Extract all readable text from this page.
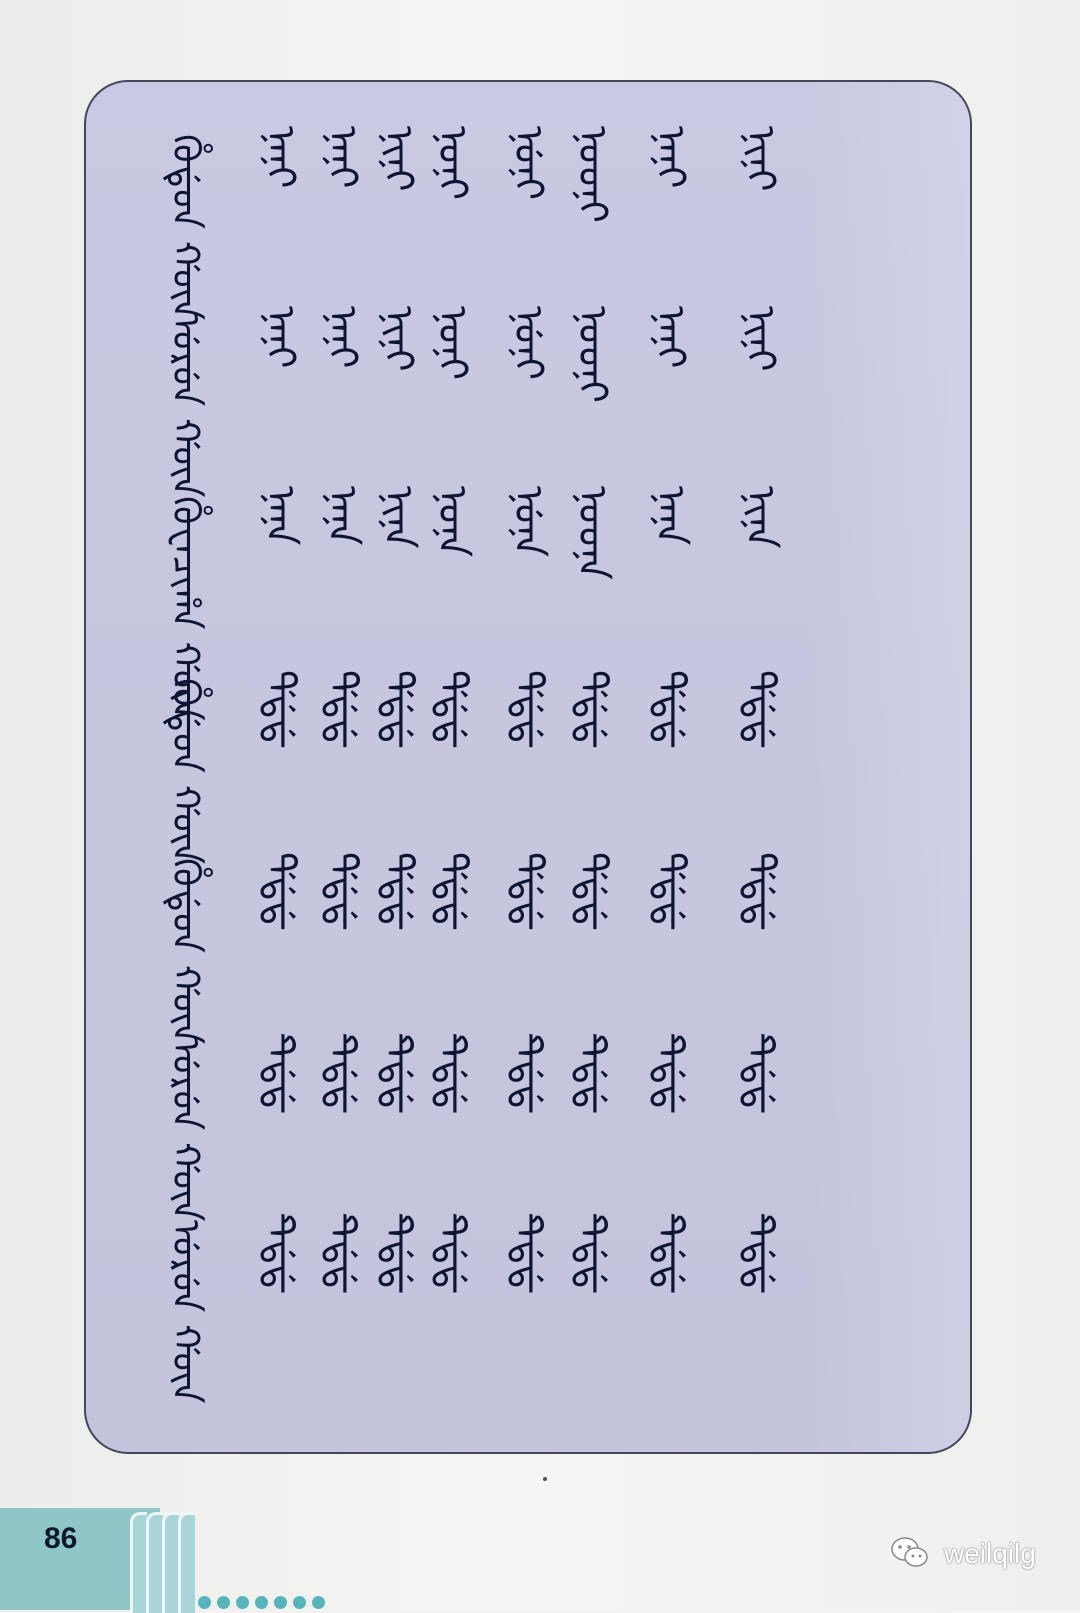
ᡥᡠᡩᡠᠨ ᡤᡡᠨ ᠨᠠᠨᡳ ᠨᠡᠨᡳ ᠨᡳᠨᡳ ᠨᠣᠨᡳ ᠨᡠᠨᡳ ᠨᠣᠣᠨᡳ ᠨᠠᠨᡳ ᠨᡳᠨᡳ
ᡠᡵᡠᠨ ᡤᡡᠨ ᠨᠠᠨᡳ ᠨᠡᠨᡳ ᠨᡳᠨᡳ ᠨᠣᠨᡳ ᠨᡠᠨᡳ ᠨᠣᠣᠨᡳ ᠨᠠᠨᡳ ᠨᡳᠨᡳ
ᡥᡠᠸᠠᠴᡳᡥᠠ ᡤᡡᠨ ᠨᠠᠨᠠ ᠨᠠᠨᠠ ᠨᡳᠨᠠ ᠨᠣᠨᠠ ᠨᡠᠨᠠ ᠨᠣᠣᠨᠠ ᠨᠠᠨᠠ ᠨᡳᠨᠠ
ᡥᡠᡩᡠᠨ ᡤᡡᠨ ᡩᡩᡩ ᡩᡩᡩ ᡩᡩᡩ ᡩᡩᡩ ᡩᡩᡩ ᡩᡩᡩ ᡩᡩᡩ ᡩᡩᡩ
ᡥᡠᡩᡠᠨ ᡤᡡᠨ ᡩᡩᡩ ᡩᡩᡩ ᡩᡩᡩ ᡩᡩᡩ ᡩᡩᡩ ᡩᡩᡩ ᡩᡩᡩ ᡩᡩᡩ
ᡠᡵᡠᠨ ᡤᡡᠨ ᡨᡩᡩ ᡨᡩᡩ ᡨᡩᡩ ᡨᡩᡩ ᡨᡩᡩ ᡨᡩᡩ ᡨᡩᡩ ᡨᡩᡩ
ᡠᡵᡠᠨ ᡤᡡᠨ ᡨᡩᡩ ᡨᡩᡩ ᡨᡩᡩ ᡨᡩᡩ ᡨᡩᡩ ᡨᡩᡩ ᡨᡩᡩ ᡨᡩᡩ
86	weilqilg
